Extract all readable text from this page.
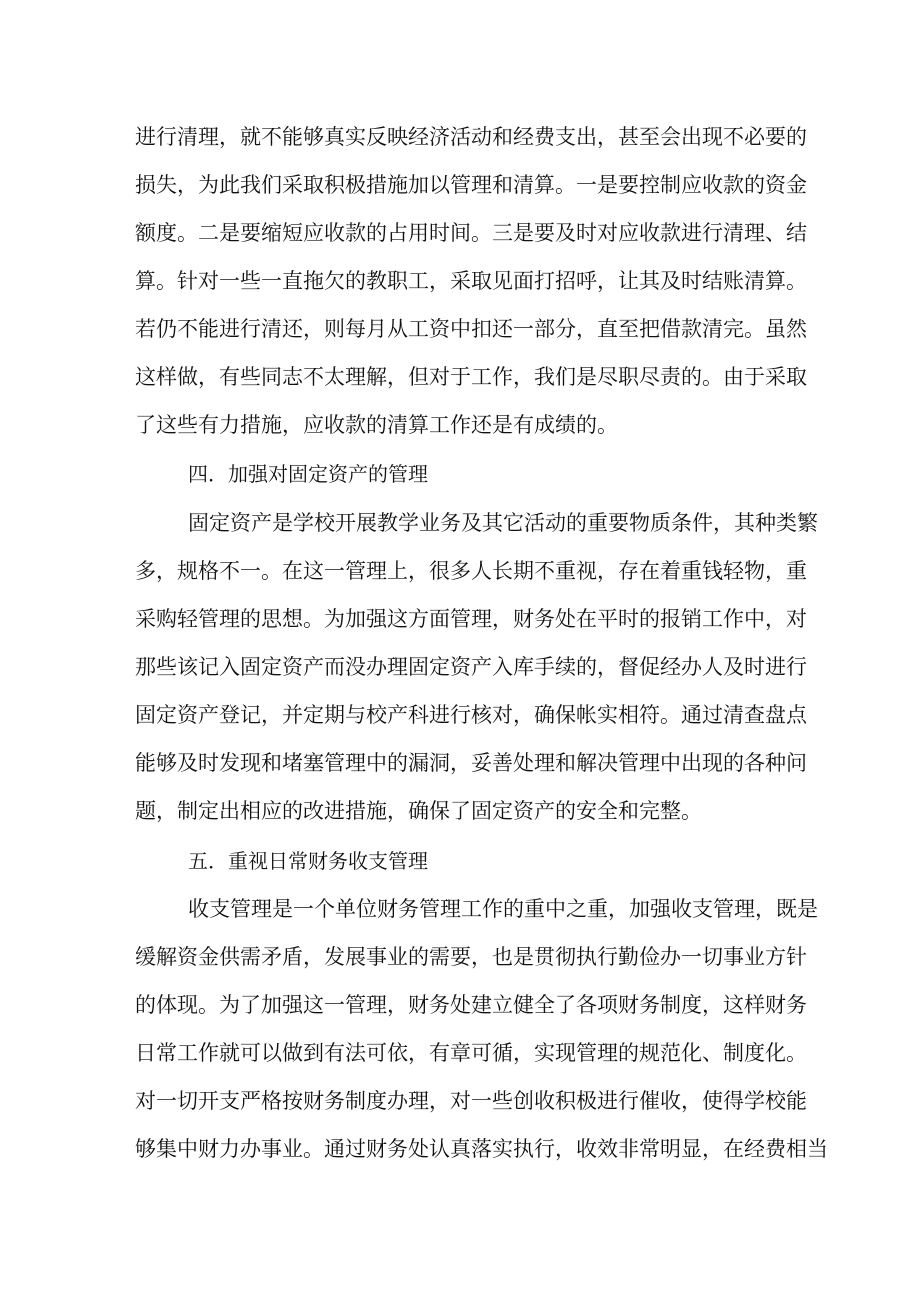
进行清理，就不能够真实反映经济活动和经费支出，甚至会出现不必要的
损失，为此我们采取积极措施加以管理和清算。一是要控制应收款的资金
额度。二是要缩短应收款的占用时间。三是要及时对应收款进行清理、结
算。针对一些一直拖欠的教职工，采取见面打招呼，让其及时结账清算。
若仍不能进行清还，则每月从工资中扣还一部分，直至把借款清完。虽然
这样做，有些同志不太理解，但对于工作，我们是尽职尽责的。由于采取
了这些有力措施，应收款的清算工作还是有成绩的。
四．加强对固定资产的管理
固定资产是学校开展教学业务及其它活动的重要物质条件，其种类繁
多，规格不一。在这一管理上，很多人长期不重视，存在着重钱轻物，重
采购轻管理的思想。为加强这方面管理，财务处在平时的报销工作中，对
那些该记入固定资产而没办理固定资产入库手续的，督促经办人及时进行
固定资产登记，并定期与校产科进行核对，确保帐实相符。通过清查盘点
能够及时发现和堵塞管理中的漏洞，妥善处理和解决管理中出现的各种问
题，制定出相应的改进措施，确保了固定资产的安全和完整。
五．重视日常财务收支管理
收支管理是一个单位财务管理工作的重中之重，加强收支管理，既是
缓解资金供需矛盾，发展事业的需要，也是贯彻执行勤俭办一切事业方针
的体现。为了加强这一管理，财务处建立健全了各项财务制度，这样财务
日常工作就可以做到有法可依，有章可循，实现管理的规范化、制度化。
对一切开支严格按财务制度办理，对一些创收积极进行催收，使得学校能
够集中财力办事业。通过财务处认真落实执行，收效非常明显，在经费相当
